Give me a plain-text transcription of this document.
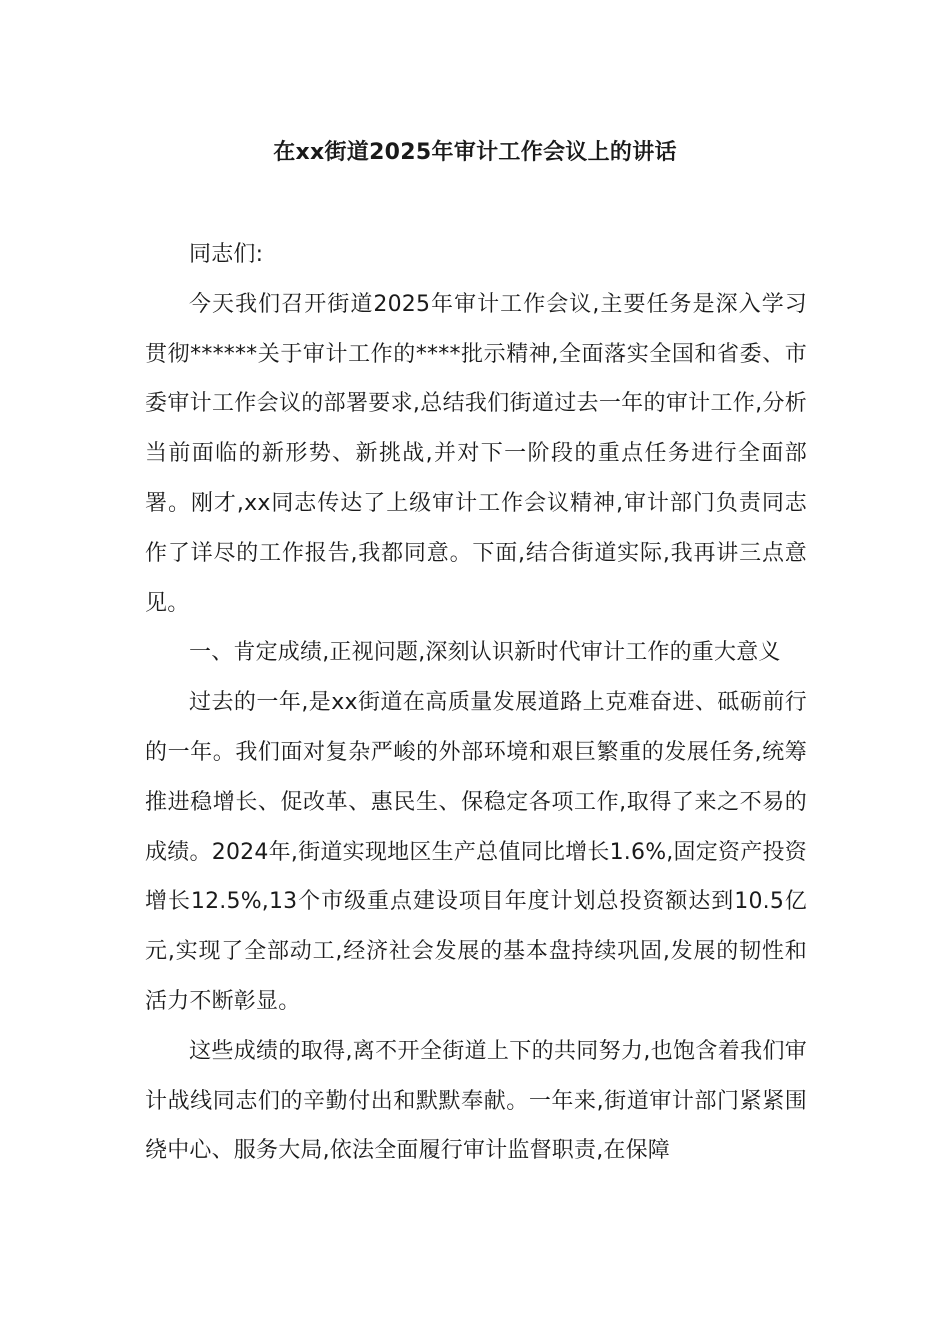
在xx街道2025年审计工作会议上的讲话

同志们:

今天我们召开街道2025年审计工作会议,主要任务是深入学习贯彻******关于审计工作的****批示精神,全面落实全国和省委、市委审计工作会议的部署要求,总结我们街道过去一年的审计工作,分析当前面临的新形势、新挑战,并对下一阶段的重点任务进行全面部署。刚才,xx同志传达了上级审计工作会议精神,审计部门负责同志作了详尽的工作报告,我都同意。下面,结合街道实际,我再讲三点意见。

一、肯定成绩,正视问题,深刻认识新时代审计工作的重大意义

过去的一年,是xx街道在高质量发展道路上克难奋进、砥砺前行的一年。我们面对复杂严峻的外部环境和艰巨繁重的发展任务,统筹推进稳增长、促改革、惠民生、保稳定各项工作,取得了来之不易的成绩。2024年,街道实现地区生产总值同比增长1.6%,固定资产投资增长12.5%,13个市级重点建设项目年度计划总投资额达到10.5亿元,实现了全部动工,经济社会发展的基本盘持续巩固,发展的韧性和活力不断彰显。

这些成绩的取得,离不开全街道上下的共同努力,也饱含着我们审计战线同志们的辛勤付出和默默奉献。一年来,街道审计部门紧紧围绕中心、服务大局,依法全面履行审计监督职责,在保障
